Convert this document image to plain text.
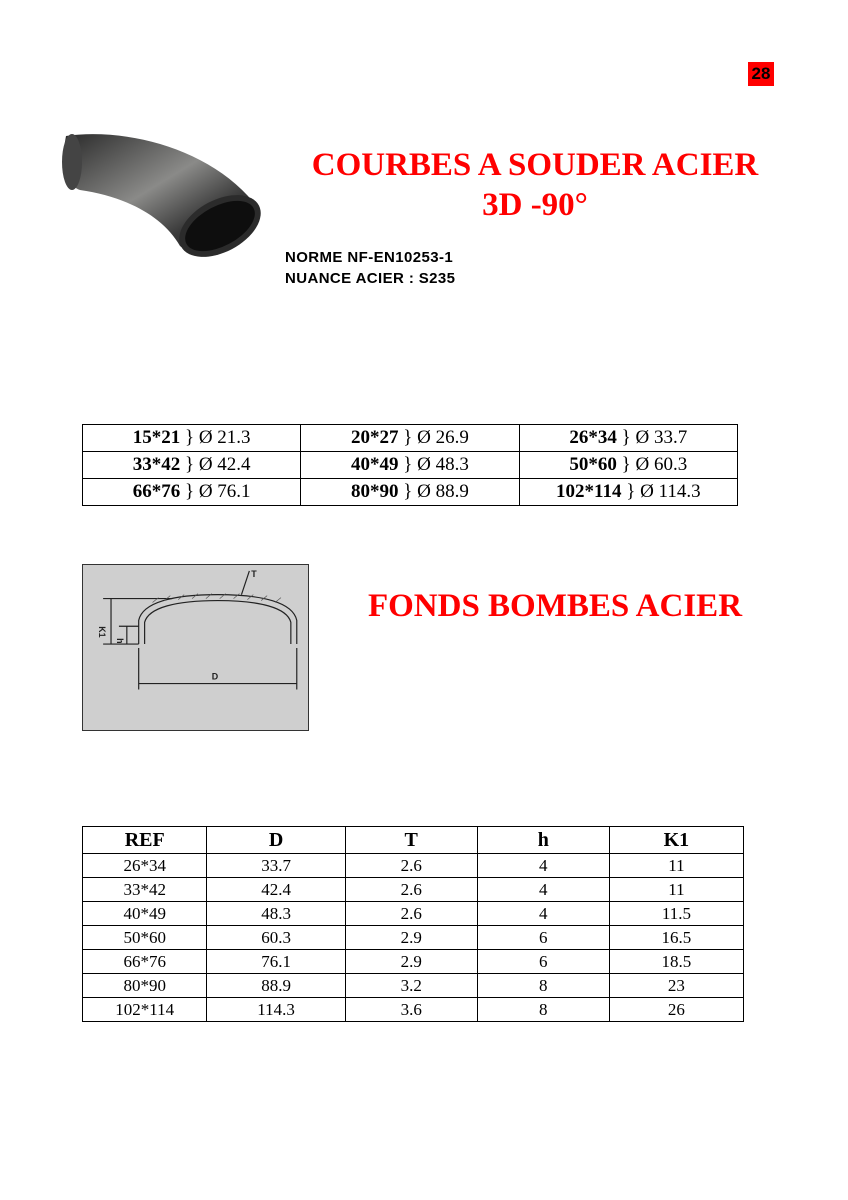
28
COURBES A SOUDER ACIER
3D -90°
NORME NF-EN10253-1
NUANCE ACIER : S235
15*21 } Ø 21.3	20*27 } Ø 26.9	26*34 } Ø 33.7
33*42 } Ø 42.4	40*49 } Ø 48.3	50*60 } Ø 60.3
66*76 } Ø 76.1	80*90 } Ø 88.9	102*114 } Ø 114.3
T
K1
h
D
FONDS BOMBES ACIER
REF	D	T	h	K1
26*34	33.7	2.6	4	11
33*42	42.4	2.6	4	11
40*49	48.3	2.6	4	11.5
50*60	60.3	2.9	6	16.5
66*76	76.1	2.9	6	18.5
80*90	88.9	3.2	8	23
102*114	114.3	3.6	8	26
